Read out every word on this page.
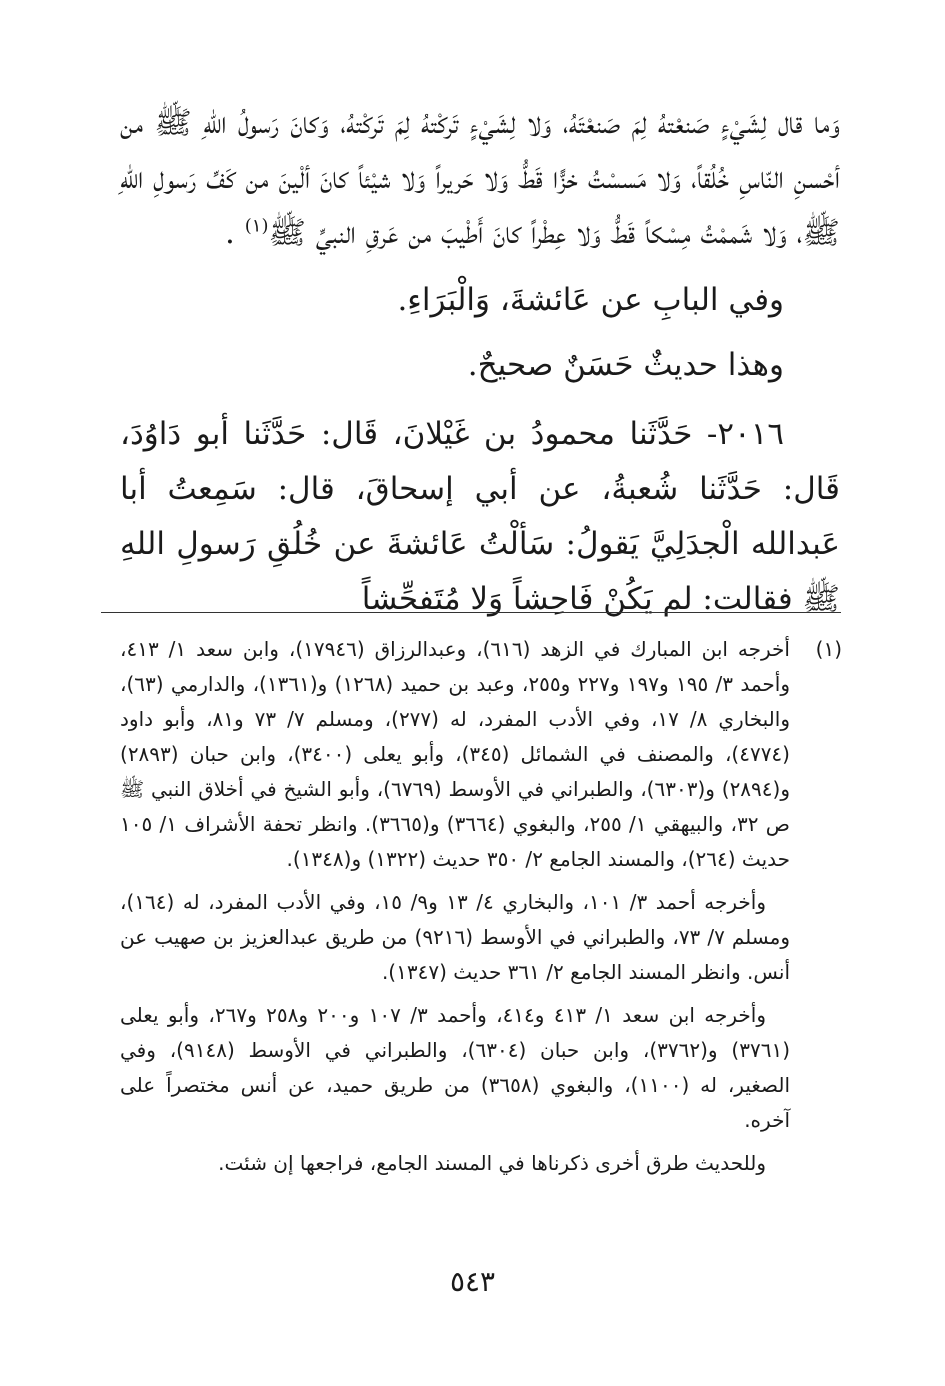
وَما قال لِشَيْءٍ صَنعْتهُ لِمَ صَنعْتَهُ، وَلا لِشَيْءٍ تَركْتهُ لِمَ تَركْتهُ، وَكانَ رَسولُ اللهِ ﷺ من أحْسنِ النّاسِ خُلُقاً، وَلا مَسسْتُ خزًّا قَطُّ وَلا حَريراً وَلا شيْئاً كانَ ألْينَ من كَفِّ رَسولِ اللهِ ﷺ، وَلا شَممْتُ مِسْكاً قَطُّ وَلا عِطْراً كانَ أَطْيبَ من عَرقِ النبيِّ ﷺ$^{(١)}$ .

وفي البابِ عن عَائشةَ، وَالْبَرَاءِ.

وهذا حديثٌ حَسَنٌ صحيحٌ.

٢٠١٦- حَدَّثَنا محمودُ بن غَيْلانَ، قَال: حَدَّثَنا أبو دَاوُدَ، قَال: حَدَّثَنا شُعبةُ، عن أبي إسحاقَ، قال: سَمِعتُ أبا عَبدالله الْجدَلِيَّ يَقولُ: سَألْتُ عَائشةَ عن خُلُقِ رَسولِ اللهِ ﷺ فقالت: لم يَكُنْ فَاحِشاً وَلا مُتَفحِّشاً

(١)
أخرجه ابن المبارك في الزهد (٦١٦)، وعبدالرزاق (١٧٩٤٦)، وابن سعد ١/ ٤١٣، وأحمد ٣/ ١٩٥ و١٩٧ و٢٢٧ و٢٥٥، وعبد بن حميد (١٢٦٨) و(١٣٦١)، والدارمي (٦٣)، والبخاري ٨/ ١٧، وفي الأدب المفرد، له (٢٧٧)، ومسلم ٧/ ٧٣ و٨١، وأبو داود (٤٧٧٤)، والمصنف في الشمائل (٣٤٥)، وأبو يعلى (٣٤٠٠)، وابن حبان (٢٨٩٣) و(٢٨٩٤) و(٦٣٠٣)، والطبراني في الأوسط (٦٧٦٩)، وأبو الشيخ في أخلاق النبي ﷺ ص ٣٢، والبيهقي ١/ ٢٥٥، والبغوي (٣٦٦٤) و(٣٦٦٥). وانظر تحفة الأشراف ١/ ١٠٥ حديث (٢٦٤)، والمسند الجامع ٢/ ٣٥٠ حديث (١٣٢٢) و(١٣٤٨).
وأخرجه أحمد ٣/ ١٠١، والبخاري ٤/ ١٣ و٩/ ١٥، وفي الأدب المفرد، له (١٦٤)، ومسلم ٧/ ٧٣، والطبراني في الأوسط (٩٢١٦) من طريق عبدالعزيز بن صهيب عن أنس. وانظر المسند الجامع ٢/ ٣٦١ حديث (١٣٤٧).
وأخرجه ابن سعد ١/ ٤١٣ و٤١٤، وأحمد ٣/ ١٠٧ و٢٠٠ و٢٥٨ و٢٦٧، وأبو يعلى (٣٧٦١) و(٣٧٦٢)، وابن حبان (٦٣٠٤)، والطبراني في الأوسط (٩١٤٨)، وفي الصغير، له (١١٠٠)، والبغوي (٣٦٥٨) من طريق حميد، عن أنس مختصراً على آخره.
وللحديث طرق أخرى ذكرناها في المسند الجامع، فراجعها إن شئت.
٥٤٣
